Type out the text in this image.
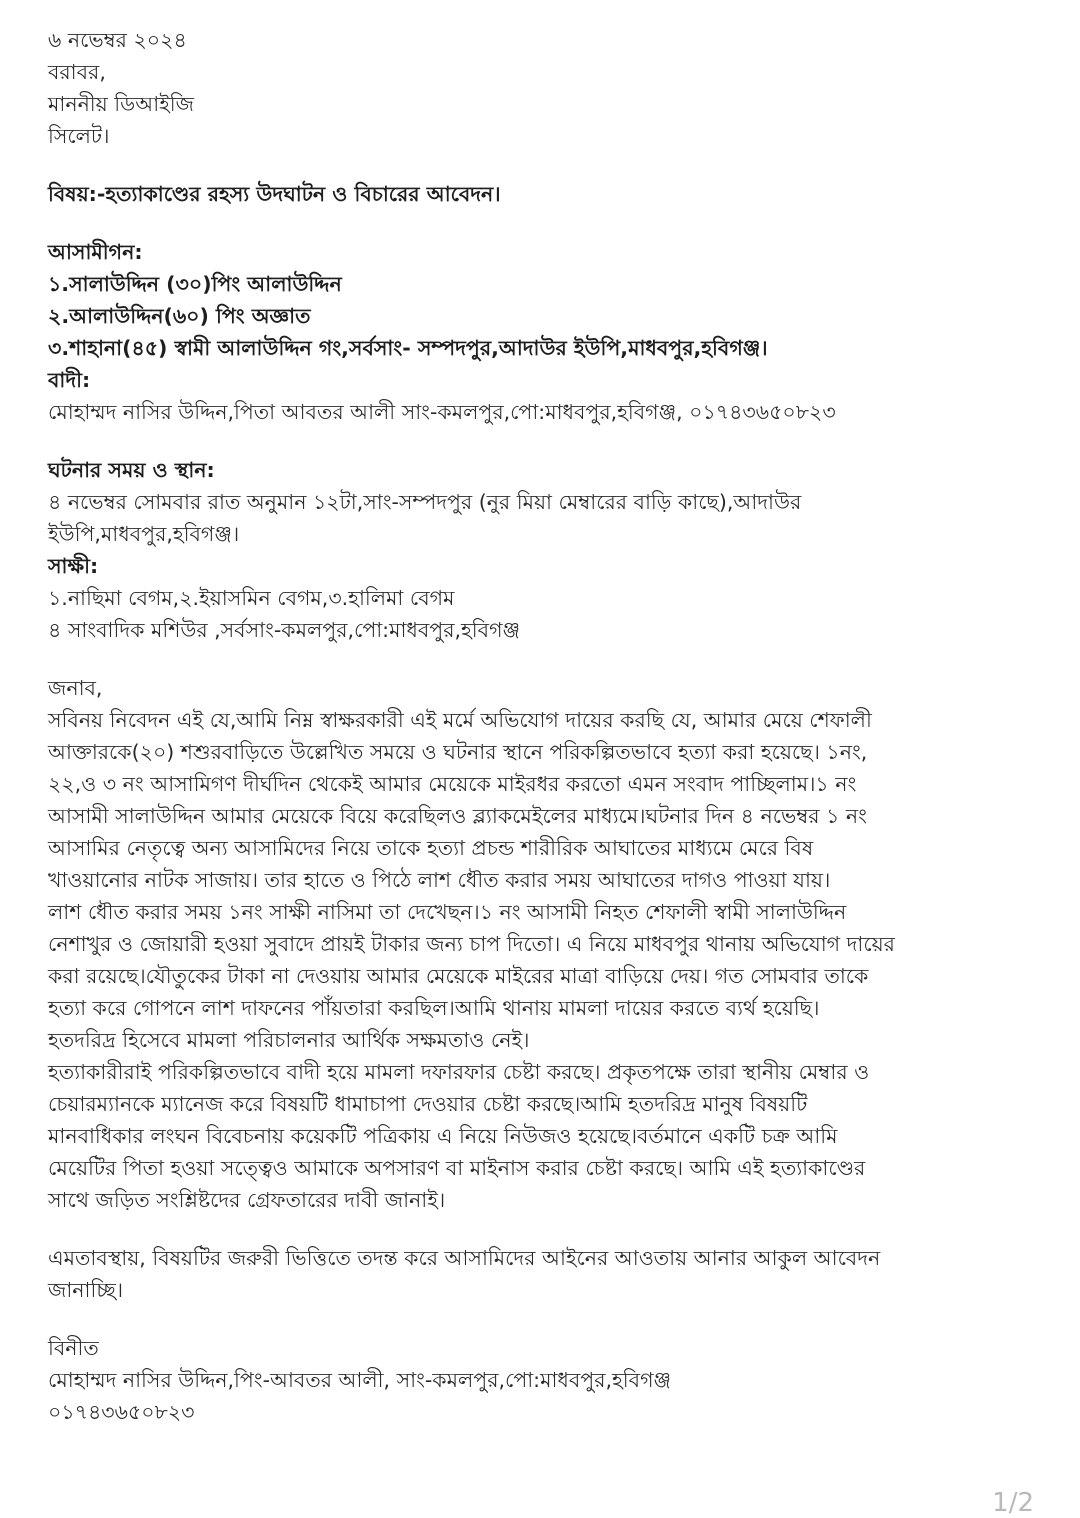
৬ নভেম্বর ২০২৪
বরাবর,
মাননীয় ডিআইজি
সিলেট।
বিষয়:-হত্যাকাণ্ডের রহস্য উদঘাটন ও বিচারের আবেদন।
আসামীগন:
১.সালাউদ্দিন (৩০)পিং আলাউদ্দিন
২.আলাউদ্দিন(৬০) পিং অজ্ঞাত
৩.শাহানা(৪৫) স্বামী আলাউদ্দিন গং,সর্বসাং- সম্পদপুর,আদাউর ইউপি,মাধবপুর,হবিগঞ্জ।
বাদী:
মোহাম্মদ নাসির উদ্দিন,পিতা আবতর আলী সাং-কমলপুর,পো:মাধবপুর,হবিগঞ্জ, ০১৭৪৩৬৫০৮২৩
ঘটনার সময় ও স্থান:
৪ নভেম্বর সোমবার রাত অনুমান ১২টা,সাং-সম্পদপুর (নুর মিয়া মেম্বারের বাড়ি কাছে),আদাউর
ইউপি,মাধবপুর,হবিগঞ্জ।
সাক্ষী:
১.নাছিমা বেগম,২.ইয়াসমিন বেগম,৩.হালিমা বেগম
৪ সাংবাদিক মশিউর ,সর্বসাং-কমলপুর,পো:মাধবপুর,হবিগঞ্জ
জনাব,
সবিনয় নিবেদন এই যে,আমি নিম্ন স্বাক্ষরকারী এই মর্মে অভিযোগ দায়ের করছি যে, আমার মেয়ে শেফালী
আক্তারকে(২০) শশুরবাড়িতে উল্লেখিত সময়ে ও ঘটনার স্থানে পরিকল্পিতভাবে হত্যা করা হয়েছে। ১নং,
২২,ও ৩ নং আসামিগণ দীর্ঘদিন থেকেই আমার মেয়েকে মাইরধর করতো এমন সংবাদ পাচ্ছিলাম।১ নং
আসামী সালাউদ্দিন আমার মেয়েকে বিয়ে করেছিলও ব্ল্যাকমেইলের মাধ্যমে।ঘটনার দিন ৪ নভেম্বর ১ নং
আসামির নেতৃত্বে অন্য আসামিদের নিয়ে তাকে হত্যা প্রচন্ড শারীরিক আঘাতের মাধ্যমে মেরে বিষ
খাওয়ানোর নাটক সাজায়। তার হাতে ও পিঠে লাশ ধৌত করার সময় আঘাতের দাগও পাওয়া যায়।
লাশ ধৌত করার সময় ১নং সাক্ষী নাসিমা তা দেখেছন।১ নং আসামী নিহত শেফালী স্বামী সালাউদ্দিন
নেশাখুর ও জোয়ারী হওয়া সুবাদে প্রায়ই টাকার জন্য চাপ দিতো। এ নিয়ে মাধবপুর থানায় অভিযোগ দায়ের
করা রয়েছে।যৌতুকের টাকা না দেওয়ায় আমার মেয়েকে মাইরের মাত্রা বাড়িয়ে দেয়। গত সোমবার তাকে
হত্যা করে গোপনে লাশ দাফনের পাঁয়তারা করছিল।আমি থানায় মামলা দায়ের করতে ব্যর্থ হয়েছি।
হতদরিদ্র হিসেবে মামলা পরিচালনার আর্থিক সক্ষমতাও নেই।
হত্যাকারীরাই পরিকল্পিতভাবে বাদী হয়ে মামলা দফারফার চেষ্টা করছে। প্রকৃতপক্ষে তারা স্থানীয় মেম্বার ও
চেয়ারম্যানকে ম্যানেজ করে বিষয়টি ধামাচাপা দেওয়ার চেষ্টা করছে।আমি হতদরিদ্র মানুষ বিষয়টি
মানবাধিকার লংঘন বিবেচনায় কয়েকটি পত্রিকায় এ নিয়ে নিউজও হয়েছে।বর্তমানে একটি চক্র আমি
মেয়েটির পিতা হওয়া সত্ত্বেও আমাকে অপসারণ বা মাইনাস করার চেষ্টা করছে। আমি এই হত্যাকাণ্ডের
সাথে জড়িত সংশ্লিষ্টদের গ্রেফতারের দাবী জানাই।
এমতাবস্থায়, বিষয়টির জরুরী ভিত্তিতে তদন্ত করে আসামিদের আইনের আওতায় আনার আকুল আবেদন
জানাচ্ছি।
বিনীত
মোহাম্মদ নাসির উদ্দিন,পিং-আবতর আলী, সাং-কমলপুর,পো:মাধবপুর,হবিগঞ্জ
০১৭৪৩৬৫০৮২৩
1/2
